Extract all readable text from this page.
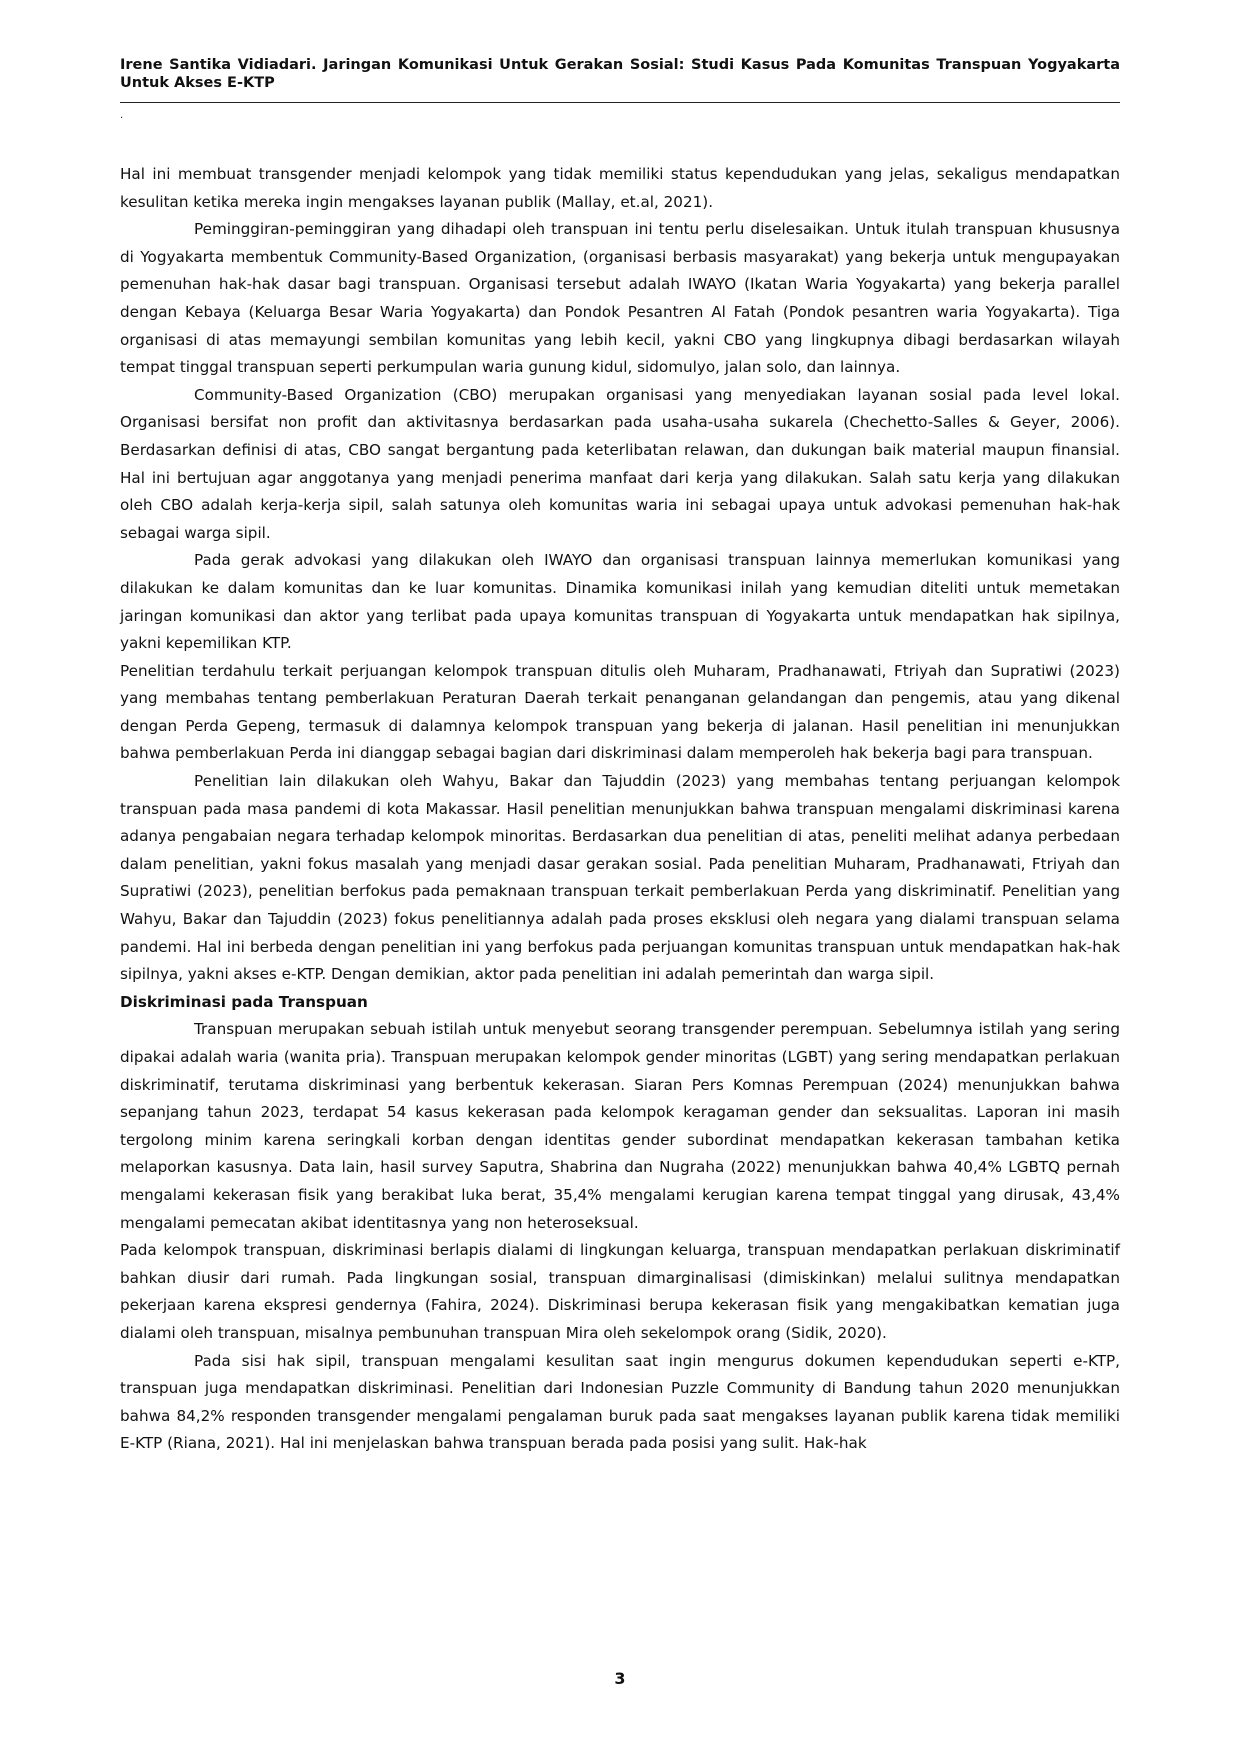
Irene Santika Vidiadari. Jaringan Komunikasi Untuk Gerakan Sosial: Studi Kasus Pada Komunitas Transpuan Yogyakarta Untuk Akses E-KTP
.

Hal ini membuat transgender menjadi kelompok yang tidak memiliki status kependudukan yang jelas, sekaligus mendapatkan kesulitan ketika mereka ingin mengakses layanan publik (Mallay, et.al, 2021).

Peminggiran-peminggiran yang dihadapi oleh transpuan ini tentu perlu diselesaikan. Untuk itulah transpuan khususnya di Yogyakarta membentuk Community-Based Organization, (organisasi berbasis masyarakat) yang bekerja untuk mengupayakan pemenuhan hak-hak dasar bagi transpuan. Organisasi tersebut adalah IWAYO (Ikatan Waria Yogyakarta) yang bekerja parallel dengan Kebaya (Keluarga Besar Waria Yogyakarta) dan Pondok Pesantren Al Fatah (Pondok pesantren waria Yogyakarta). Tiga organisasi di atas memayungi sembilan komunitas yang lebih kecil, yakni CBO yang lingkupnya dibagi berdasarkan wilayah tempat tinggal transpuan seperti perkumpulan waria gunung kidul, sidomulyo, jalan solo, dan lainnya.

Community-Based Organization (CBO) merupakan organisasi yang menyediakan layanan sosial pada level lokal. Organisasi bersifat non profit dan aktivitasnya berdasarkan pada usaha-usaha sukarela (Chechetto-Salles & Geyer, 2006). Berdasarkan definisi di atas, CBO sangat bergantung pada keterlibatan relawan, dan dukungan baik material maupun finansial. Hal ini bertujuan agar anggotanya yang menjadi penerima manfaat dari kerja yang dilakukan. Salah satu kerja yang dilakukan oleh CBO adalah kerja-kerja sipil, salah satunya oleh komunitas waria ini sebagai upaya untuk advokasi pemenuhan hak-hak sebagai warga sipil.

Pada gerak advokasi yang dilakukan oleh IWAYO dan organisasi transpuan lainnya memerlukan komunikasi yang dilakukan ke dalam komunitas dan ke luar komunitas. Dinamika komunikasi inilah yang kemudian diteliti untuk memetakan jaringan komunikasi dan aktor yang terlibat pada upaya komunitas transpuan di Yogyakarta untuk mendapatkan hak sipilnya, yakni kepemilikan KTP.

Penelitian terdahulu terkait perjuangan kelompok transpuan ditulis oleh Muharam, Pradhanawati, Ftriyah dan Supratiwi (2023) yang membahas tentang pemberlakuan Peraturan Daerah terkait penanganan gelandangan dan pengemis, atau yang dikenal dengan Perda Gepeng, termasuk di dalamnya kelompok transpuan yang bekerja di jalanan. Hasil penelitian ini menunjukkan bahwa pemberlakuan Perda ini dianggap sebagai bagian dari diskriminasi dalam memperoleh hak bekerja bagi para transpuan.

Penelitian lain dilakukan oleh Wahyu, Bakar dan Tajuddin (2023) yang membahas tentang perjuangan kelompok transpuan pada masa pandemi di kota Makassar. Hasil penelitian menunjukkan bahwa transpuan mengalami diskriminasi karena adanya pengabaian negara terhadap kelompok minoritas. Berdasarkan dua penelitian di atas, peneliti melihat adanya perbedaan dalam penelitian, yakni fokus masalah yang menjadi dasar gerakan sosial. Pada penelitian Muharam, Pradhanawati, Ftriyah dan Supratiwi (2023), penelitian berfokus pada pemaknaan transpuan terkait pemberlakuan Perda yang diskriminatif. Penelitian yang Wahyu, Bakar dan Tajuddin (2023) fokus penelitiannya adalah pada proses eksklusi oleh negara yang dialami transpuan selama pandemi. Hal ini berbeda dengan penelitian ini yang berfokus pada perjuangan komunitas transpuan untuk mendapatkan hak-hak sipilnya, yakni akses e-KTP. Dengan demikian, aktor pada penelitian ini adalah pemerintah dan warga sipil.

Diskriminasi pada Transpuan

Transpuan merupakan sebuah istilah untuk menyebut seorang transgender perempuan. Sebelumnya istilah yang sering dipakai adalah waria (wanita pria). Transpuan merupakan kelompok gender minoritas (LGBT) yang sering mendapatkan perlakuan diskriminatif, terutama diskriminasi yang berbentuk kekerasan. Siaran Pers Komnas Perempuan (2024) menunjukkan bahwa sepanjang tahun 2023, terdapat 54 kasus kekerasan pada kelompok keragaman gender dan seksualitas. Laporan ini masih tergolong minim karena seringkali korban dengan identitas gender subordinat mendapatkan kekerasan tambahan ketika melaporkan kasusnya. Data lain, hasil survey Saputra, Shabrina dan Nugraha (2022) menunjukkan bahwa 40,4% LGBTQ pernah mengalami kekerasan fisik yang berakibat luka berat, 35,4% mengalami kerugian karena tempat tinggal yang dirusak, 43,4% mengalami pemecatan akibat identitasnya yang non heteroseksual.

Pada kelompok transpuan, diskriminasi berlapis dialami di lingkungan keluarga, transpuan mendapatkan perlakuan diskriminatif bahkan diusir dari rumah. Pada lingkungan sosial, transpuan dimarginalisasi (dimiskinkan) melalui sulitnya mendapatkan pekerjaan karena ekspresi gendernya (Fahira, 2024). Diskriminasi berupa kekerasan fisik yang mengakibatkan kematian juga dialami oleh transpuan, misalnya pembunuhan transpuan Mira oleh sekelompok orang (Sidik, 2020).

Pada sisi hak sipil, transpuan mengalami kesulitan saat ingin mengurus dokumen kependudukan seperti e-KTP, transpuan juga mendapatkan diskriminasi. Penelitian dari Indonesian Puzzle Community di Bandung tahun 2020 menunjukkan bahwa 84,2% responden transgender mengalami pengalaman buruk pada saat mengakses layanan publik karena tidak memiliki E-KTP (Riana, 2021). Hal ini menjelaskan bahwa transpuan berada pada posisi yang sulit. Hak-hak

3
